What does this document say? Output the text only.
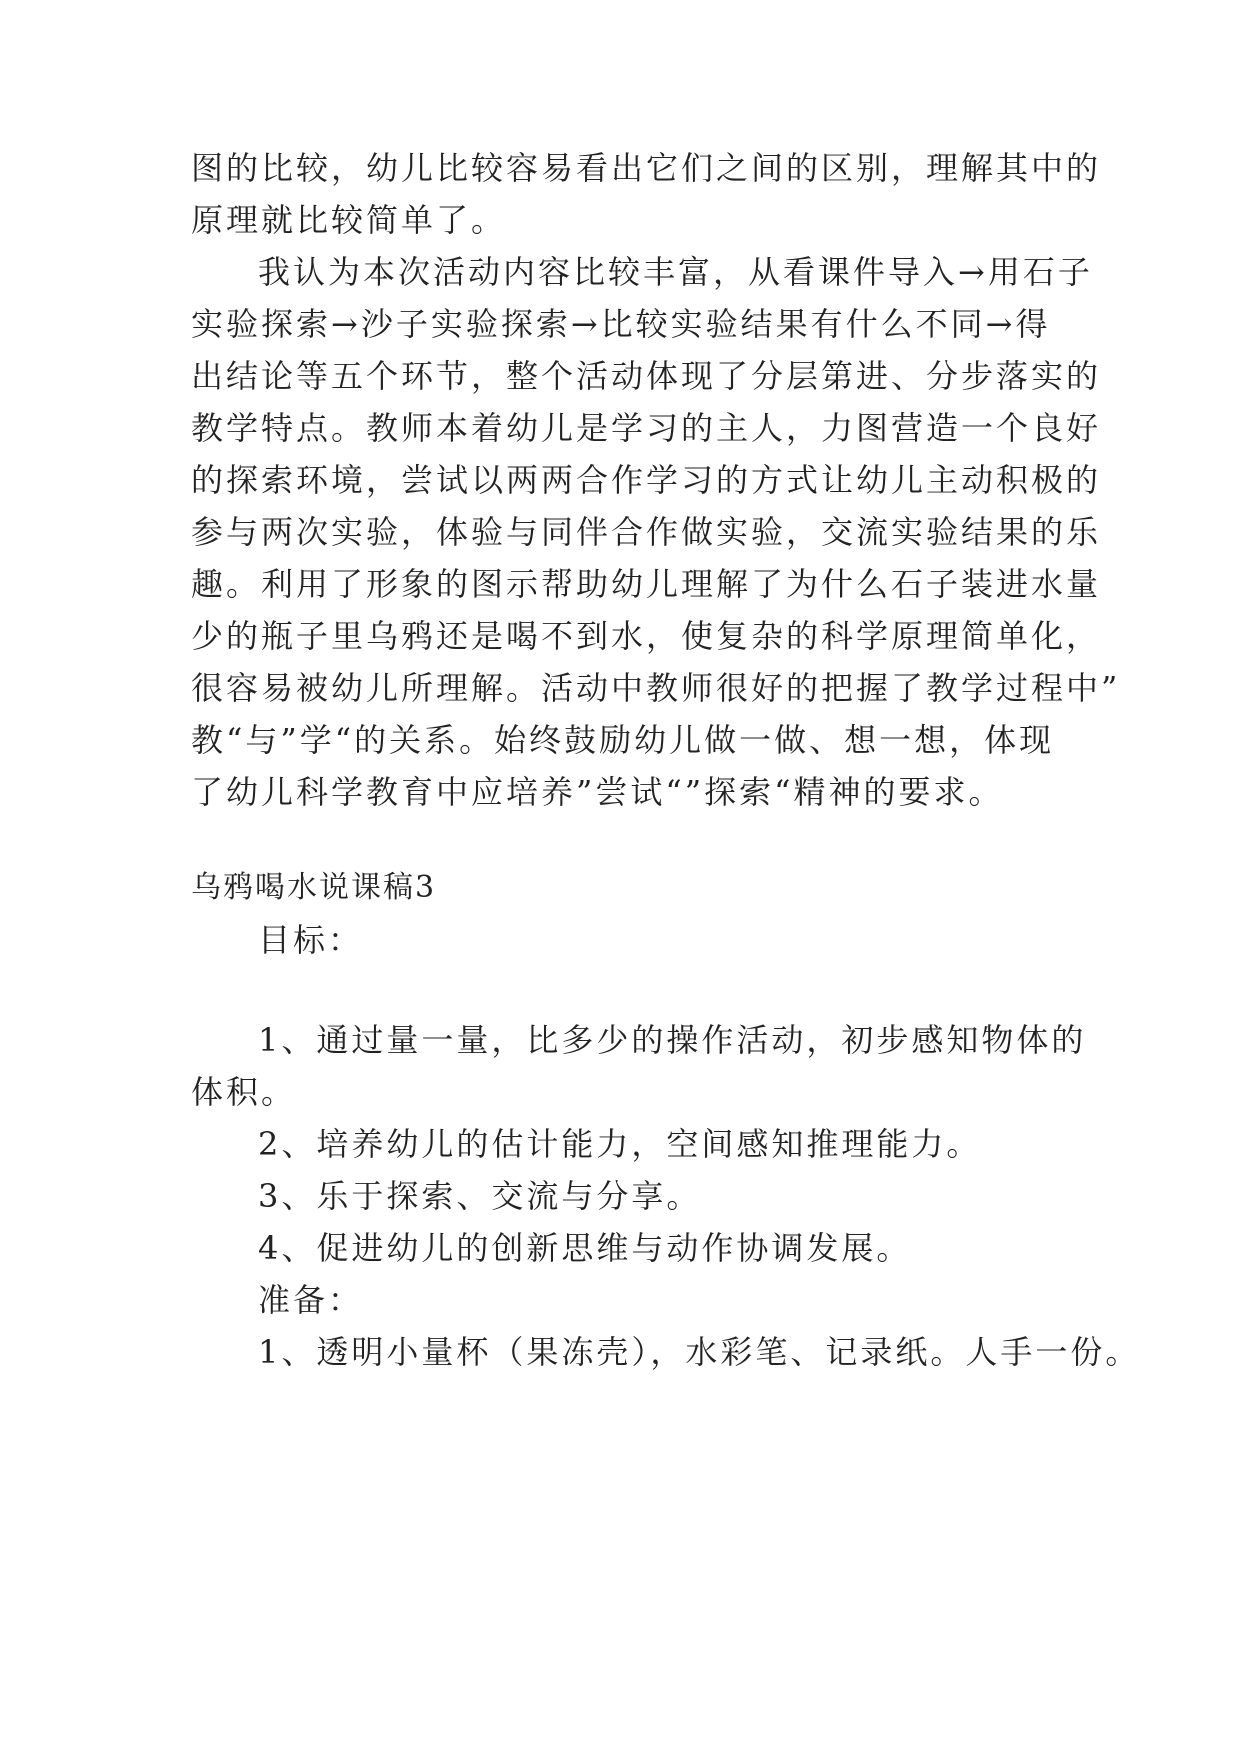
图的比较，幼儿比较容易看出它们之间的区别，理解其中的
原理就比较简单了。
我认为本次活动内容比较丰富，从看课件导入→用石子
实验探索→沙子实验探索→比较实验结果有什么不同→得
出结论等五个环节，整个活动体现了分层第进、分步落实的
教学特点。教师本着幼儿是学习的主人，力图营造一个良好
的探索环境，尝试以两两合作学习的方式让幼儿主动积极的
参与两次实验，体验与同伴合作做实验，交流实验结果的乐
趣。利用了形象的图示帮助幼儿理解了为什么石子装进水量
少的瓶子里乌鸦还是喝不到水，使复杂的科学原理简单化，
很容易被幼儿所理解。活动中教师很好的把握了教学过程中”
教“与”学“的关系。始终鼓励幼儿做一做、想一想，体现
了幼儿科学教育中应培养”尝试“”探索“精神的要求。
乌鸦喝水说课稿3
目标：
1、通过量一量，比多少的操作活动，初步感知物体的
体积。
2、培养幼儿的估计能力，空间感知推理能力。
3、乐于探索、交流与分享。
4、促进幼儿的创新思维与动作协调发展。
准备：
1、透明小量杯（果冻壳），水彩笔、记录纸。人手一份。
